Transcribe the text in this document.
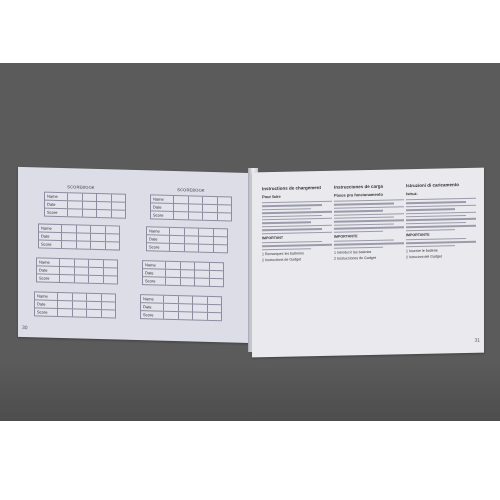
SCOREBOOK
SCOREBOOK
Name
Date
Score
Name
Date
Score
Name
Date
Score
Name
Date
Score
Name
Date
Score
Name
Date
Score
Name
Date
Score
Name
Date
Score
30
Instructions de chargement
Pour faire
IMPORTANT
1 Remarquez les batteries
2 Instructions de Gadget
Instrucciones de carga
Pasos pra funcionamento
IMPORTANTE
1 Introducir las baterias
2 Instrucciones de Gadget
Istruzioni di caricamento
Istruz.
IMPORTANTE
1 Inserire le batterie
2 Istruzioni del Gadget
31
